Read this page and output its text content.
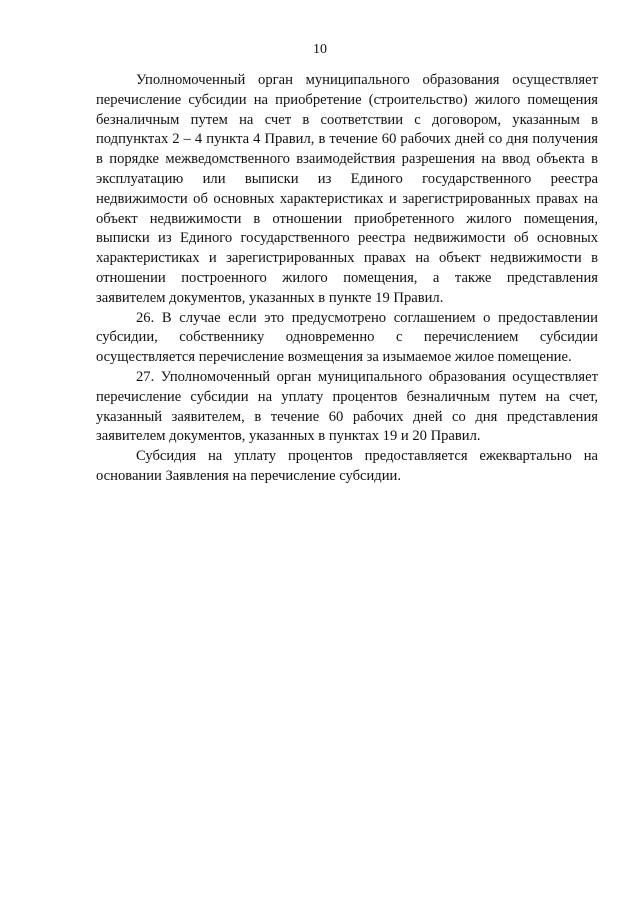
10

Уполномоченный орган муниципального образования осуществляет перечисление субсидии на приобретение (строительство) жилого помещения безналичным путем на счет в соответствии с договором, указанным в подпунктах 2 – 4 пункта 4 Правил, в течение 60 рабочих дней со дня получения в порядке межведомственного взаимодействия разрешения на ввод объекта в эксплуатацию или выписки из Единого государственного реестра недвижимости об основных характеристиках и зарегистрированных правах на объект недвижимости в отношении приобретенного жилого помещения, выписки из Единого государственного реестра недвижимости об основных характеристиках и зарегистрированных правах на объект недвижимости в отношении построенного жилого помещения, а также представления заявителем документов, указанных в пункте 19 Правил.

26. В случае если это предусмотрено соглашением о предоставлении субсидии, собственнику одновременно с перечислением субсидии осуществляется перечисление возмещения за изымаемое жилое помещение.

27. Уполномоченный орган муниципального образования осуществляет перечисление субсидии на уплату процентов безналичным путем на счет, указанный заявителем, в течение 60 рабочих дней со дня представления заявителем документов, указанных в пунктах 19 и 20 Правил.

Субсидия на уплату процентов предоставляется ежеквартально на основании Заявления на перечисление субсидии.
